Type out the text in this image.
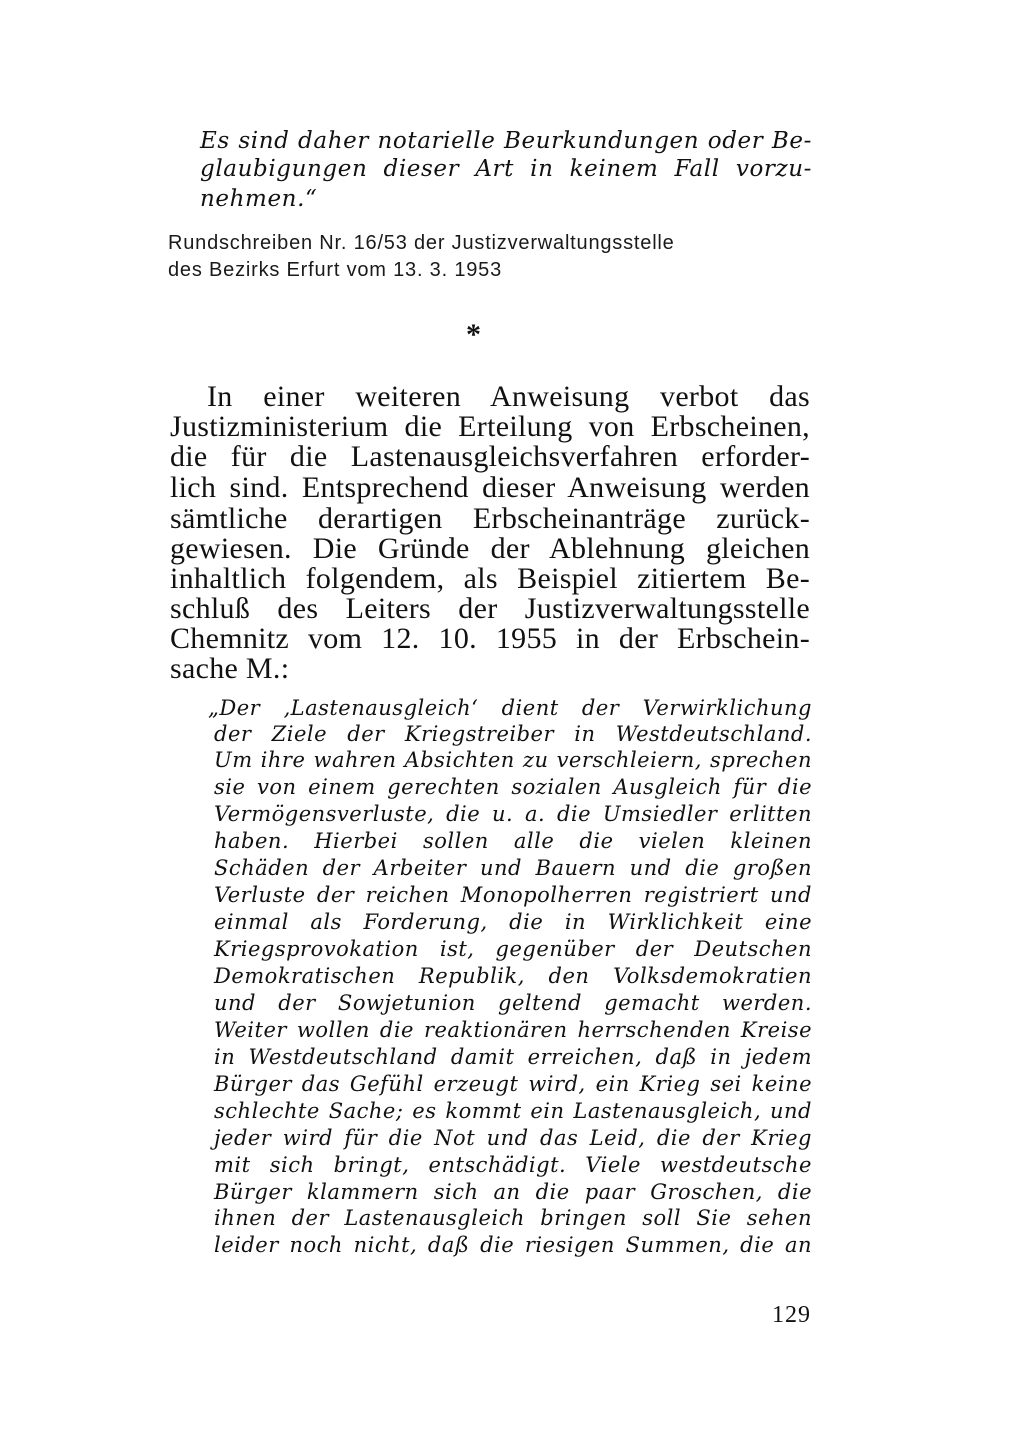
Es sind daher notarielle Beurkundungen oder Be-

glaubigungen dieser Art in keinem Fall vorzu-

nehmen.“

Rundschreiben Nr. 16/53 der Justizverwaltungsstelle

des Bezirks Erfurt vom 13. 3. 1953

*

In einer weiteren Anweisung verbot das

Justizministerium die Erteilung von Erbscheinen,

die für die Lastenausgleichsverfahren erforder-

lich sind. Entsprechend dieser Anweisung werden

sämtliche derartigen Erbscheinanträge zurück-

gewiesen. Die Gründe der Ablehnung gleichen

inhaltlich folgendem, als Beispiel zitiertem Be-

schluß des Leiters der Justizverwaltungsstelle

Chemnitz vom 12. 10. 1955 in der Erbschein-

sache M.:

„Der ‚Lastenausgleich‘ dient der Verwirklichung

der Ziele der Kriegstreiber in Westdeutschland.

Um ihre wahren Absichten zu verschleiern, sprechen

sie von einem gerechten sozialen Ausgleich für die

Vermögensverluste, die u. a. die Umsiedler erlitten

haben. Hierbei sollen alle die vielen kleinen

Schäden der Arbeiter und Bauern und die großen

Verluste der reichen Monopolherren registriert und

einmal als Forderung, die in Wirklichkeit eine

Kriegsprovokation ist, gegenüber der Deutschen

Demokratischen Republik, den Volksdemokratien

und der Sowjetunion geltend gemacht werden.

Weiter wollen die reaktionären herrschenden Kreise

in Westdeutschland damit erreichen, daß in jedem

Bürger das Gefühl erzeugt wird, ein Krieg sei keine

schlechte Sache; es kommt ein Lastenausgleich, und

jeder wird für die Not und das Leid, die der Krieg

mit sich bringt, entschädigt. Viele westdeutsche

Bürger klammern sich an die paar Groschen, die

ihnen der Lastenausgleich bringen soll Sie sehen

leider noch nicht, daß die riesigen Summen, die an

129
